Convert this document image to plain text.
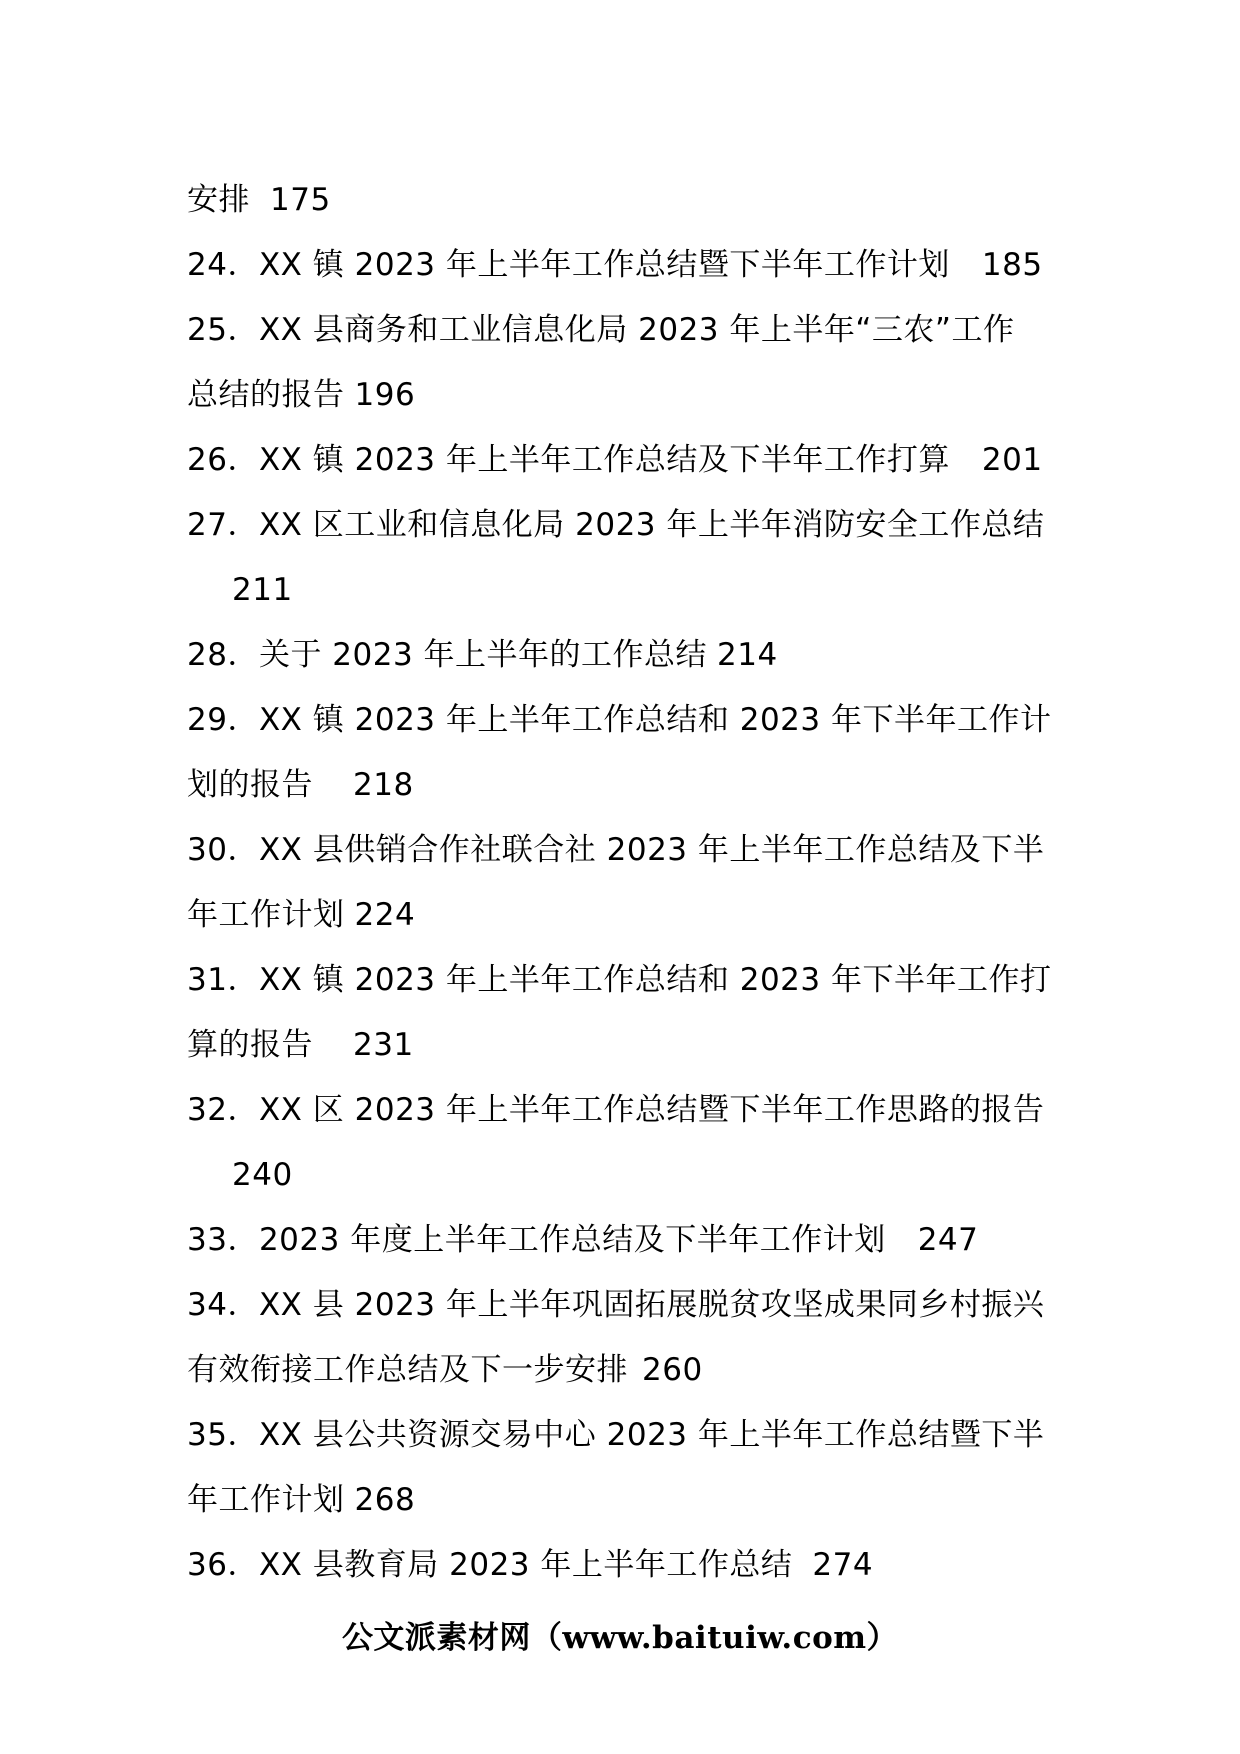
安排 175
24．XX 镇 2023 年上半年工作总结暨下半年工作计划 185
25．XX 县商务和工业信息化局 2023 年上半年“三农”工作
总结的报告 196
26．XX 镇 2023 年上半年工作总结及下半年工作打算 201
27．XX 区工业和信息化局 2023 年上半年消防安全工作总结
211
28．关于 2023 年上半年的工作总结 214
29．XX 镇 2023 年上半年工作总结和 2023 年下半年工作计
划的报告 218
30．XX 县供销合作社联合社 2023 年上半年工作总结及下半
年工作计划 224
31．XX 镇 2023 年上半年工作总结和 2023 年下半年工作打
算的报告 231
32．XX 区 2023 年上半年工作总结暨下半年工作思路的报告
240
33．2023 年度上半年工作总结及下半年工作计划 247
34．XX 县 2023 年上半年巩固拓展脱贫攻坚成果同乡村振兴
有效衔接工作总结及下一步安排 260
35．XX 县公共资源交易中心 2023 年上半年工作总结暨下半
年工作计划 268
36．XX 县教育局 2023 年上半年工作总结 274
公文派素材网（www.baituiw.com）
